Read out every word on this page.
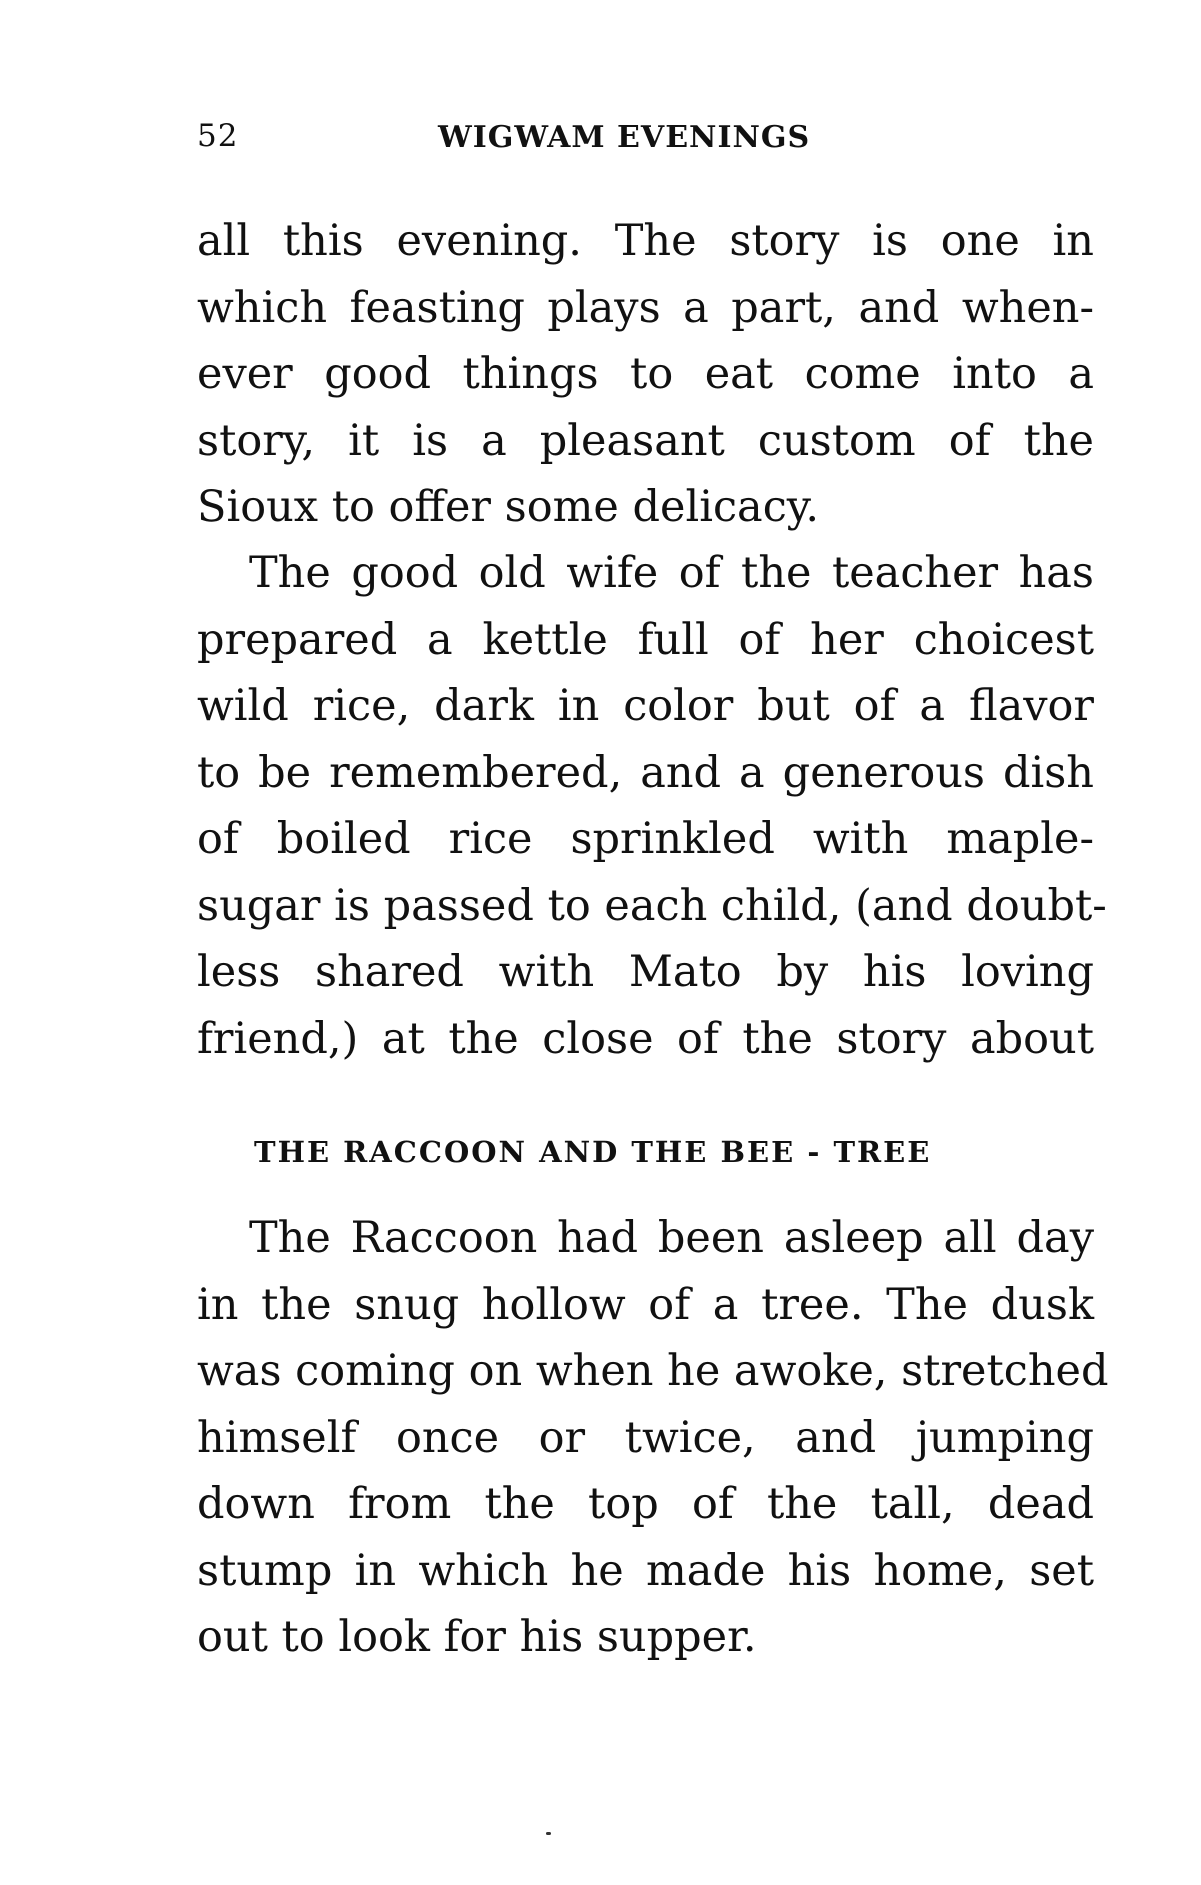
52	WIGWAM EVENINGS
all this evening. The story is one in
which feasting plays a part, and when-
ever good things to eat come into a
story, it is a pleasant custom of the
Sioux to offer some delicacy.
The good old wife of the teacher has
prepared a kettle full of her choicest
wild rice, dark in color but of a flavor
to be remembered, and a generous dish
of boiled rice sprinkled with maple-
sugar is passed to each child, (and doubt-
less shared with Mato by his loving
friend,) at the close of the story about
THE RACCOON AND THE BEE - TREE
The Raccoon had been asleep all day
in the snug hollow of a tree. The dusk
was coming on when he awoke, stretched
himself once or twice, and jumping
down from the top of the tall, dead
stump in which he made his home, set
out to look for his supper.
